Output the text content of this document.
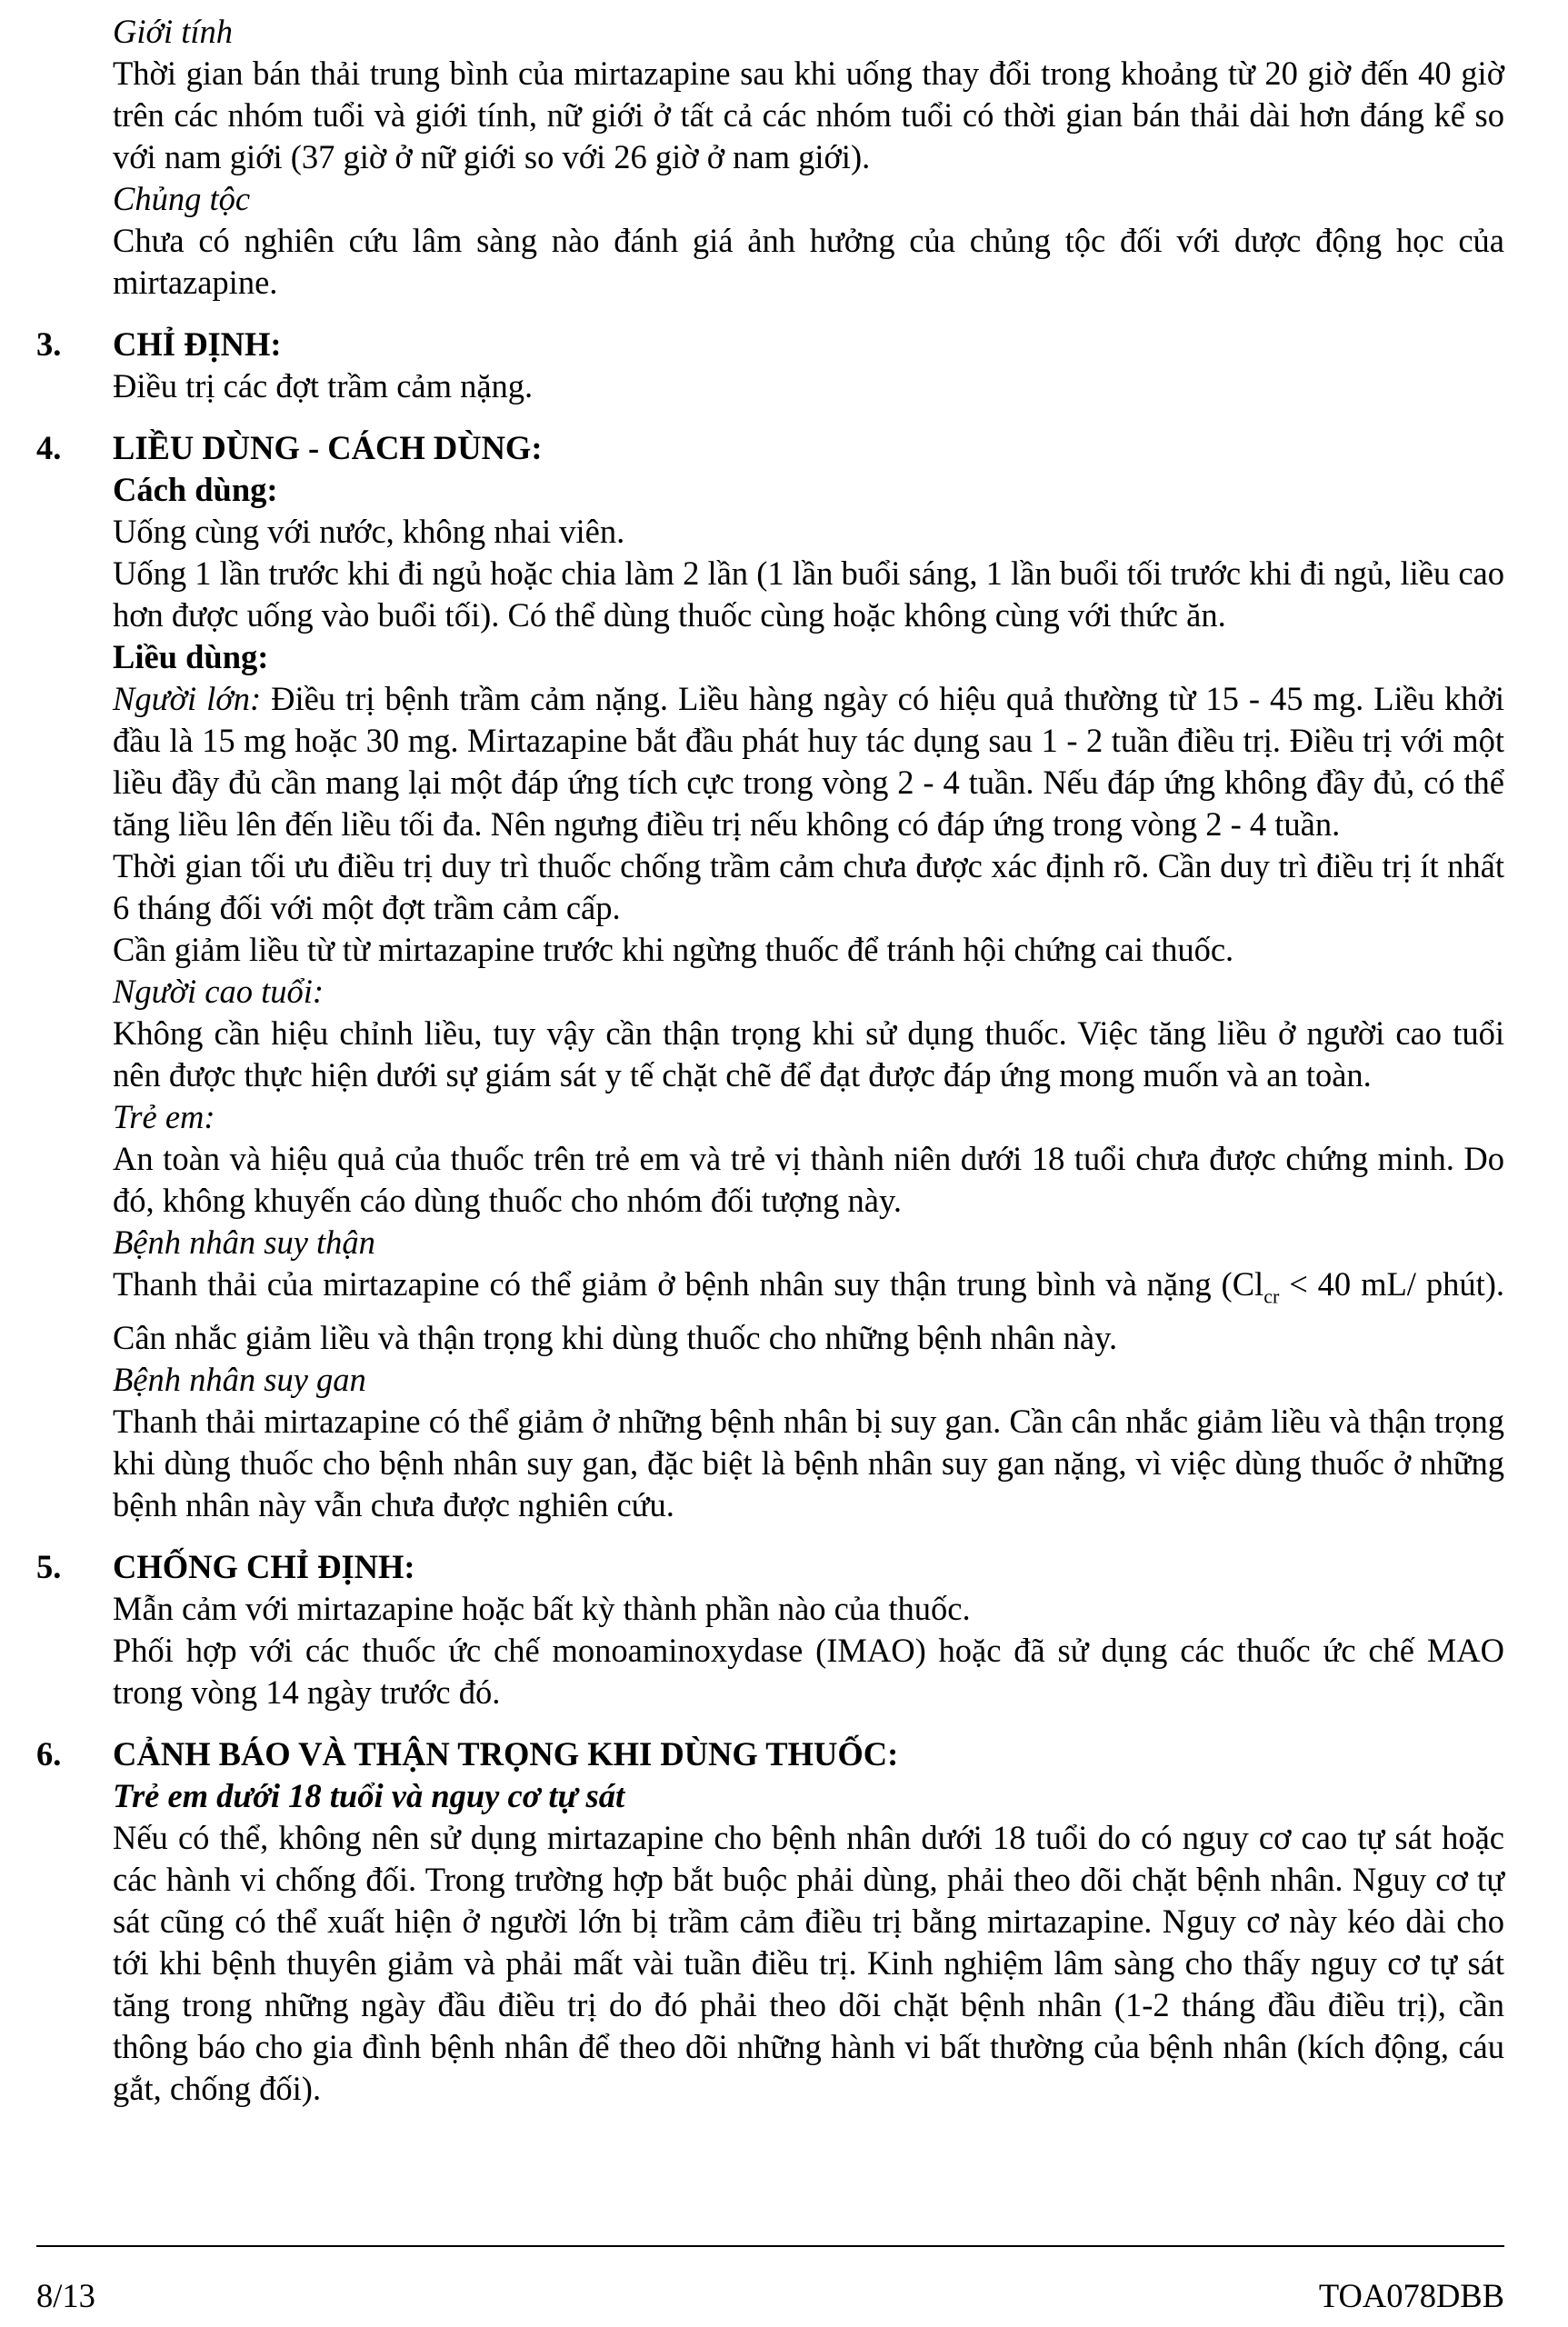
Giới tính

Thời gian bán thải trung bình của mirtazapine sau khi uống thay đổi trong khoảng từ 20 giờ đến 40 giờ trên các nhóm tuổi và giới tính, nữ giới ở tất cả các nhóm tuổi có thời gian bán thải dài hơn đáng kể so với nam giới (37 giờ ở nữ giới so với 26 giờ ở nam giới).

Chủng tộc

Chưa có nghiên cứu lâm sàng nào đánh giá ảnh hưởng của chủng tộc đối với dược động học của mirtazapine.

3.	CHỈ ĐỊNH:

Điều trị các đợt trầm cảm nặng.

4.	LIỀU DÙNG - CÁCH DÙNG:

Cách dùng:

Uống cùng với nước, không nhai viên.

Uống 1 lần trước khi đi ngủ hoặc chia làm 2 lần (1 lần buổi sáng, 1 lần buổi tối trước khi đi ngủ, liều cao hơn được uống vào buổi tối). Có thể dùng thuốc cùng hoặc không cùng với thức ăn.

Liều dùng:

Người lớn: Điều trị bệnh trầm cảm nặng. Liều hàng ngày có hiệu quả thường từ 15 - 45 mg. Liều khởi đầu là 15 mg hoặc 30 mg. Mirtazapine bắt đầu phát huy tác dụng sau 1 - 2 tuần điều trị. Điều trị với một liều đầy đủ cần mang lại một đáp ứng tích cực trong vòng 2 - 4 tuần. Nếu đáp ứng không đầy đủ, có thể tăng liều lên đến liều tối đa. Nên ngưng điều trị nếu không có đáp ứng trong vòng 2 - 4 tuần.

Thời gian tối ưu điều trị duy trì thuốc chống trầm cảm chưa được xác định rõ. Cần duy trì điều trị ít nhất 6 tháng đối với một đợt trầm cảm cấp.

Cần giảm liều từ từ mirtazapine trước khi ngừng thuốc để tránh hội chứng cai thuốc.

Người cao tuổi:

Không cần hiệu chỉnh liều, tuy vậy cần thận trọng khi sử dụng thuốc. Việc tăng liều ở người cao tuổi nên được thực hiện dưới sự giám sát y tế chặt chẽ để đạt được đáp ứng mong muốn và an toàn.

Trẻ em:

An toàn và hiệu quả của thuốc trên trẻ em và trẻ vị thành niên dưới 18 tuổi chưa được chứng minh. Do đó, không khuyến cáo dùng thuốc cho nhóm đối tượng này.

Bệnh nhân suy thận

Thanh thải của mirtazapine có thể giảm ở bệnh nhân suy thận trung bình và nặng ($Cl_{cr} < 40$ mL/ phút). Cân nhắc giảm liều và thận trọng khi dùng thuốc cho những bệnh nhân này.

Bệnh nhân suy gan

Thanh thải mirtazapine có thể giảm ở những bệnh nhân bị suy gan. Cần cân nhắc giảm liều và thận trọng khi dùng thuốc cho bệnh nhân suy gan, đặc biệt là bệnh nhân suy gan nặng, vì việc dùng thuốc ở những bệnh nhân này vẫn chưa được nghiên cứu.

5.	CHỐNG CHỈ ĐỊNH:

Mẫn cảm với mirtazapine hoặc bất kỳ thành phần nào của thuốc.

Phối hợp với các thuốc ức chế monoaminoxydase (IMAO) hoặc đã sử dụng các thuốc ức chế MAO trong vòng 14 ngày trước đó.

6.	CẢNH BÁO VÀ THẬN TRỌNG KHI DÙNG THUỐC:

Trẻ em dưới 18 tuổi và nguy cơ tự sát

Nếu có thể, không nên sử dụng mirtazapine cho bệnh nhân dưới 18 tuổi do có nguy cơ cao tự sát hoặc các hành vi chống đối. Trong trường hợp bắt buộc phải dùng, phải theo dõi chặt bệnh nhân. Nguy cơ tự sát cũng có thể xuất hiện ở người lớn bị trầm cảm điều trị bằng mirtazapine. Nguy cơ này kéo dài cho tới khi bệnh thuyên giảm và phải mất vài tuần điều trị. Kinh nghiệm lâm sàng cho thấy nguy cơ tự sát tăng trong những ngày đầu điều trị do đó phải theo dõi chặt bệnh nhân (1-2 tháng đầu điều trị), cần thông báo cho gia đình bệnh nhân để theo dõi những hành vi bất thường của bệnh nhân (kích động, cáu gắt, chống đối).

8/13	TOA078DBB
